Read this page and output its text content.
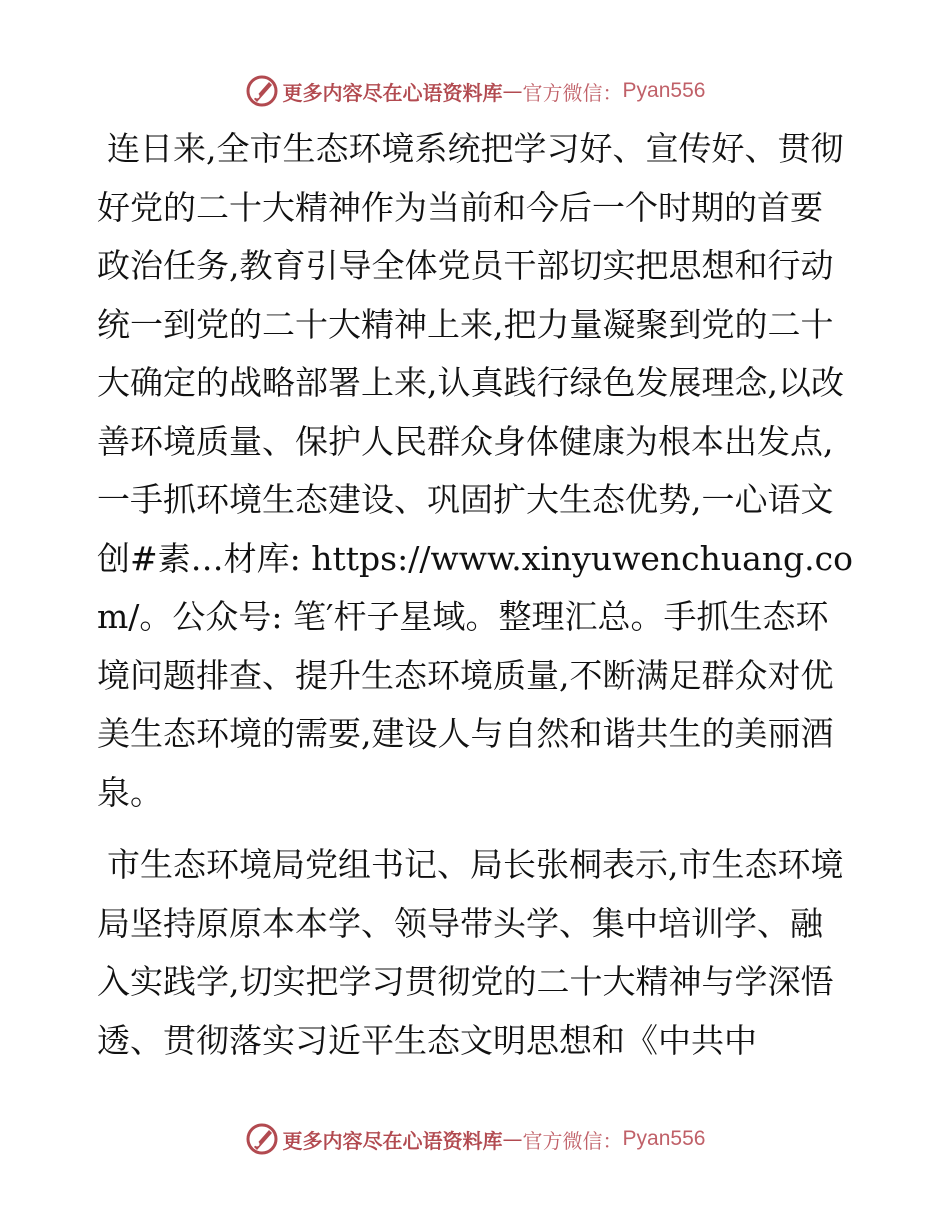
更多内容尽在心语资料库 — 官方微信： Pyan556

连日来,全市生态环境系统把学习好、宣传好、贯彻好党的二十大精神作为当前和今后一个时期的首要政治任务,教育引导全体党员干部切实把思想和行动统一到党的二十大精神上来,把力量凝聚到党的二十大确定的战略部署上来,认真践行绿色发展理念,以改善环境质量、保护人民群众身体健康为根本出发点,一手抓环境生态建设、巩固扩大生态优势,一心语文创#素…材库: https://www.xinyuwenchuang.com/。公众号: 笔′杆子星域。整理汇总。手抓生态环境问题排查、提升生态环境质量,不断满足群众对优美生态环境的需要,建设人与自然和谐共生的美丽酒泉。

市生态环境局党组书记、局长张桐表示,市生态环境局坚持原原本本学、领导带头学、集中培训学、融入实践学,切实把学习贯彻党的二十大精神与学深悟透、贯彻落实习近平生态文明思想和《中共中

更多内容尽在心语资料库 — 官方微信： Pyan556
